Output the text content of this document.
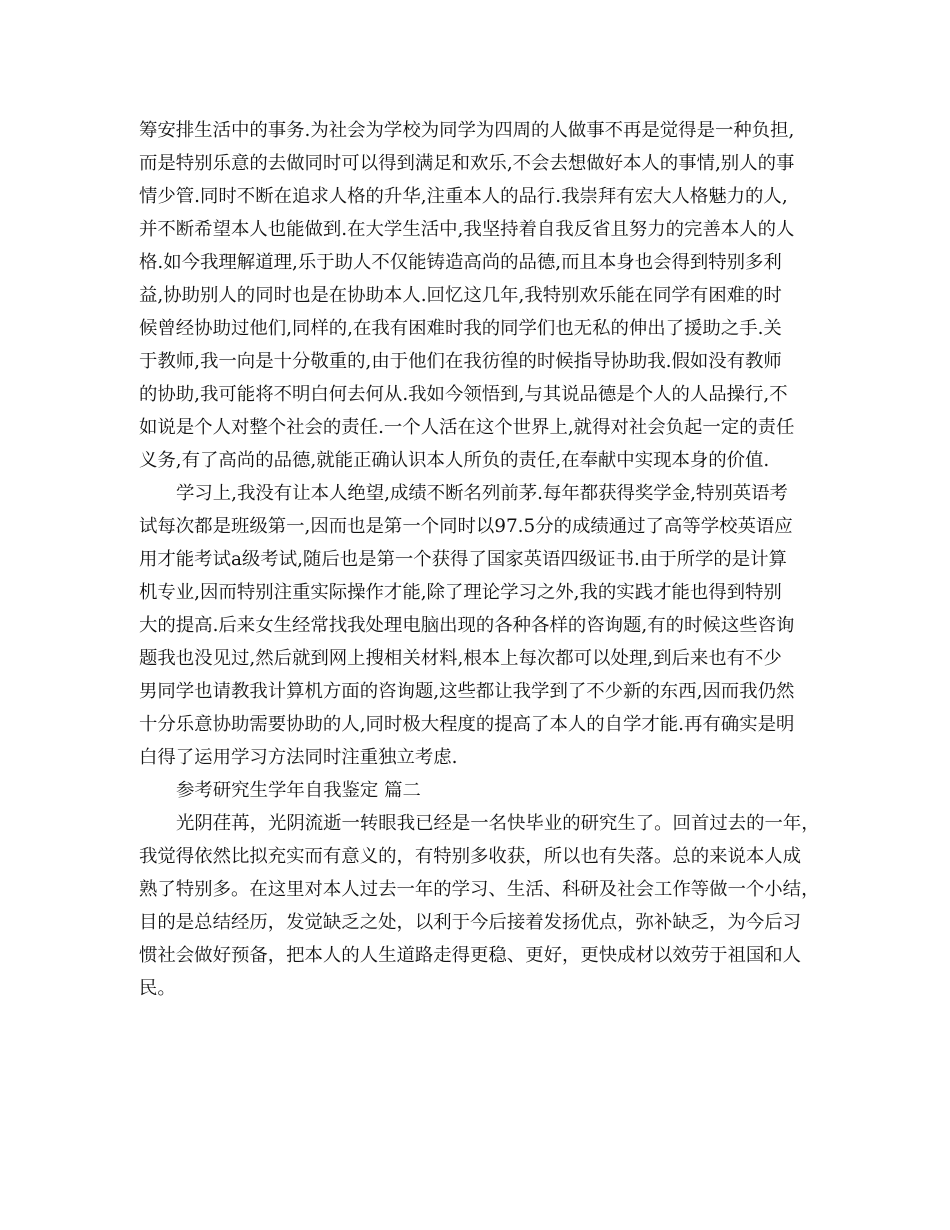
筹安排生活中的事务.为社会为学校为同学为四周的人做事不再是觉得是一种负担,
而是特别乐意的去做同时可以得到满足和欢乐,不会去想做好本人的事情,别人的事
情少管.同时不断在追求人格的升华,注重本人的品行.我崇拜有宏大人格魅力的人,
并不断希望本人也能做到.在大学生活中,我坚持着自我反省且努力的完善本人的人
格.如今我理解道理,乐于助人不仅能铸造高尚的品德,而且本身也会得到特别多利
益,协助别人的同时也是在协助本人.回忆这几年,我特别欢乐能在同学有困难的时
候曾经协助过他们,同样的,在我有困难时我的同学们也无私的伸出了援助之手.关
于教师,我一向是十分敬重的,由于他们在我彷徨的时候指导协助我.假如没有教师
的协助,我可能将不明白何去何从.我如今领悟到,与其说品德是个人的人品操行,不
如说是个人对整个社会的责任.一个人活在这个世界上,就得对社会负起一定的责任
义务,有了高尚的品德,就能正确认识本人所负的责任,在奉献中实现本身的价值.
学习上,我没有让本人绝望,成绩不断名列前茅.每年都获得奖学金,特别英语考
试每次都是班级第一,因而也是第一个同时以97.5分的成绩通过了高等学校英语应
用才能考试a级考试,随后也是第一个获得了国家英语四级证书.由于所学的是计算
机专业,因而特别注重实际操作才能,除了理论学习之外,我的实践才能也得到特别
大的提高.后来女生经常找我处理电脑出现的各种各样的咨询题,有的时候这些咨询
题我也没见过,然后就到网上搜相关材料,根本上每次都可以处理,到后来也有不少
男同学也请教我计算机方面的咨询题,这些都让我学到了不少新的东西,因而我仍然
十分乐意协助需要协助的人,同时极大程度的提高了本人的自学才能.再有确实是明
白得了运用学习方法同时注重独立考虑.
参考研究生学年自我鉴定 篇二
光阴荏苒，光阴流逝一转眼我已经是一名快毕业的研究生了。回首过去的一年，
我觉得依然比拟充实而有意义的，有特别多收获，所以也有失落。总的来说本人成
熟了特别多。在这里对本人过去一年的学习、生活、科研及社会工作等做一个小结，
目的是总结经历，发觉缺乏之处，以利于今后接着发扬优点，弥补缺乏，为今后习
惯社会做好预备，把本人的人生道路走得更稳、更好，更快成材以效劳于祖国和人
民。
